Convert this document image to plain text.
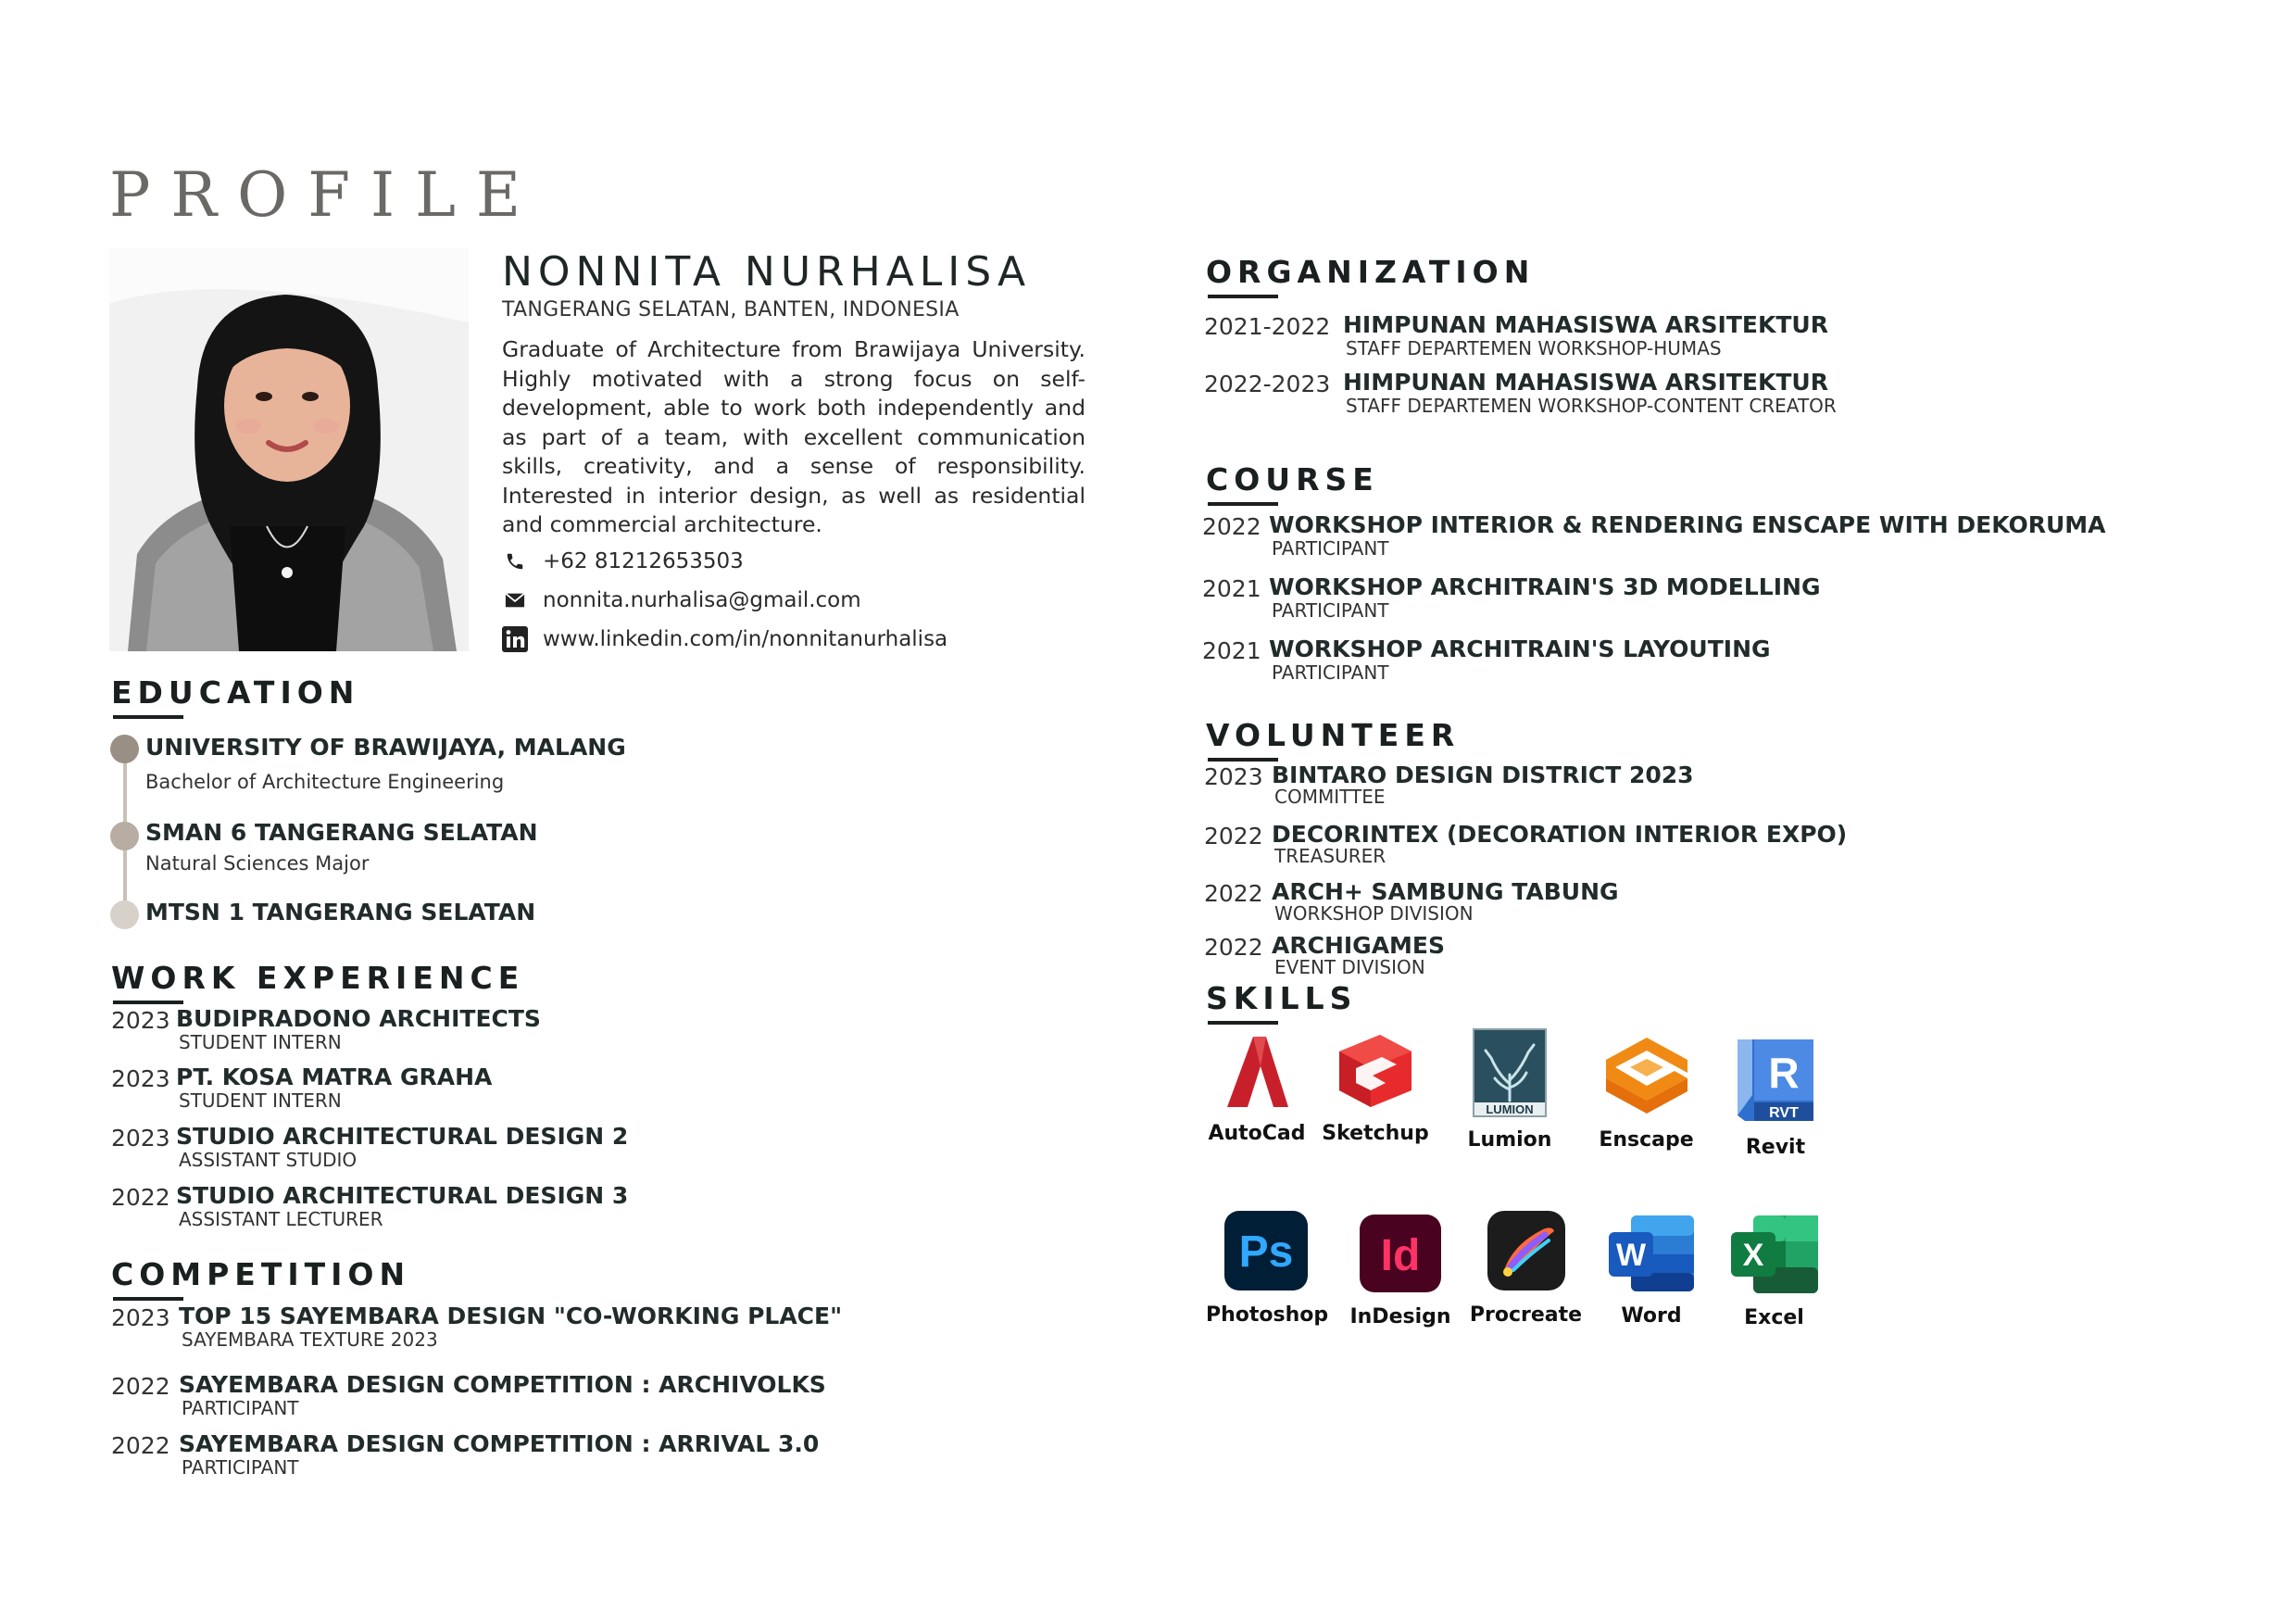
PROFILE
NONNITA NURHALISA
TANGERANG SELATAN, BANTEN, INDONESIA
Graduate of Architecture from Brawijaya University. Highly motivated with a strong focus on self-development, able to work both independently and as part of a team, with excellent communication skills, creativity, and a sense of responsibility. Interested in interior design, as well as residential and commercial architecture.
+62 81212653503
nonnita.nurhalisa@gmail.com
www.linkedin.com/in/nonnitanurhalisa
EDUCATION
UNIVERSITY OF BRAWIJAYA, MALANG
Bachelor of Architecture Engineering
SMAN 6 TANGERANG SELATAN
Natural Sciences Major
MTSN 1 TANGERANG SELATAN
WORK EXPERIENCE
2023 BUDIPRADONO ARCHITECTS
STUDENT INTERN
2023 PT. KOSA MATRA GRAHA
STUDENT INTERN
2023 STUDIO ARCHITECTURAL DESIGN 2
ASSISTANT STUDIO
2022 STUDIO ARCHITECTURAL DESIGN 3
ASSISTANT LECTURER
COMPETITION
2023 TOP 15 SAYEMBARA DESIGN "CO-WORKING PLACE"
SAYEMBARA TEXTURE 2023
2022 SAYEMBARA DESIGN COMPETITION : ARCHIVOLKS
PARTICIPANT
2022 SAYEMBARA DESIGN COMPETITION : ARRIVAL 3.0
PARTICIPANT
ORGANIZATION
2021-2022 HIMPUNAN MAHASISWA ARSITEKTUR
STAFF DEPARTEMEN WORKSHOP-HUMAS
2022-2023 HIMPUNAN MAHASISWA ARSITEKTUR
STAFF DEPARTEMEN WORKSHOP-CONTENT CREATOR
COURSE
2022 WORKSHOP INTERIOR & RENDERING ENSCAPE WITH DEKORUMA
PARTICIPANT
2021 WORKSHOP ARCHITRAIN'S 3D MODELLING
PARTICIPANT
2021 WORKSHOP ARCHITRAIN'S LAYOUTING
PARTICIPANT
VOLUNTEER
2023 BINTARO DESIGN DISTRICT 2023
COMMITTEE
2022 DECORINTEX (DECORATION INTERIOR EXPO)
TREASURER
2022 ARCH+ SAMBUNG TABUNG
WORKSHOP DIVISION
2022 ARCHIGAMES
EVENT DIVISION
SKILLS
A
AutoCad Sketchup
LUMION
Lumion	Enscape
R
RVT
Revit
Ps
Photoshop
Id
InDesign Procreate
W
Word
X
Excel
